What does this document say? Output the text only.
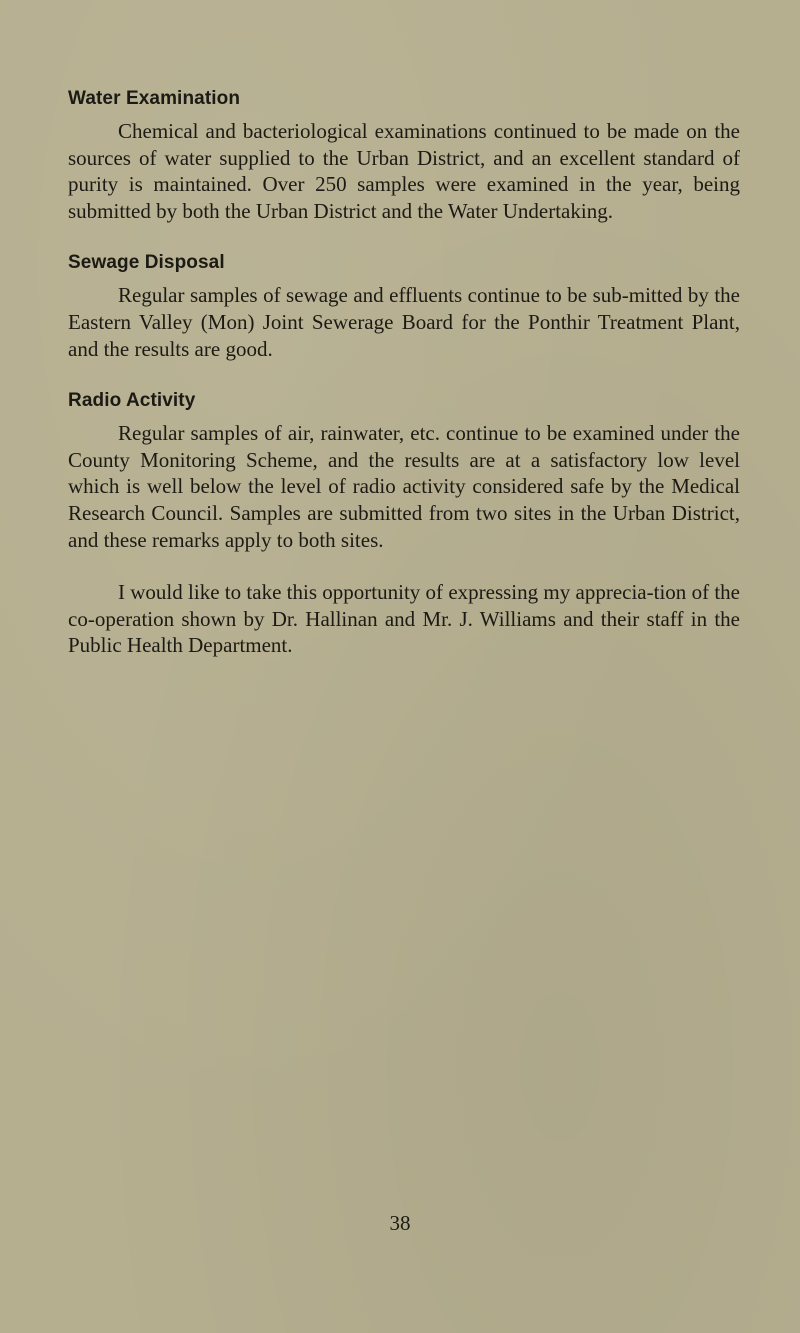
Water Examination

Chemical and bacteriological examinations continued to be made on the sources of water supplied to the Urban District, and an excellent standard of purity is maintained. Over 250 samples were examined in the year, being submitted by both the Urban District and the Water Undertaking.

Sewage Disposal

Regular samples of sewage and effluents continue to be sub-mitted by the Eastern Valley (Mon) Joint Sewerage Board for the Ponthir Treatment Plant, and the results are good.

Radio Activity

Regular samples of air, rainwater, etc. continue to be examined under the County Monitoring Scheme, and the results are at a satisfactory low level which is well below the level of radio activity considered safe by the Medical Research Council. Samples are submitted from two sites in the Urban District, and these remarks apply to both sites.

I would like to take this opportunity of expressing my apprecia-tion of the co-operation shown by Dr. Hallinan and Mr. J. Williams and their staff in the Public Health Department.

38
